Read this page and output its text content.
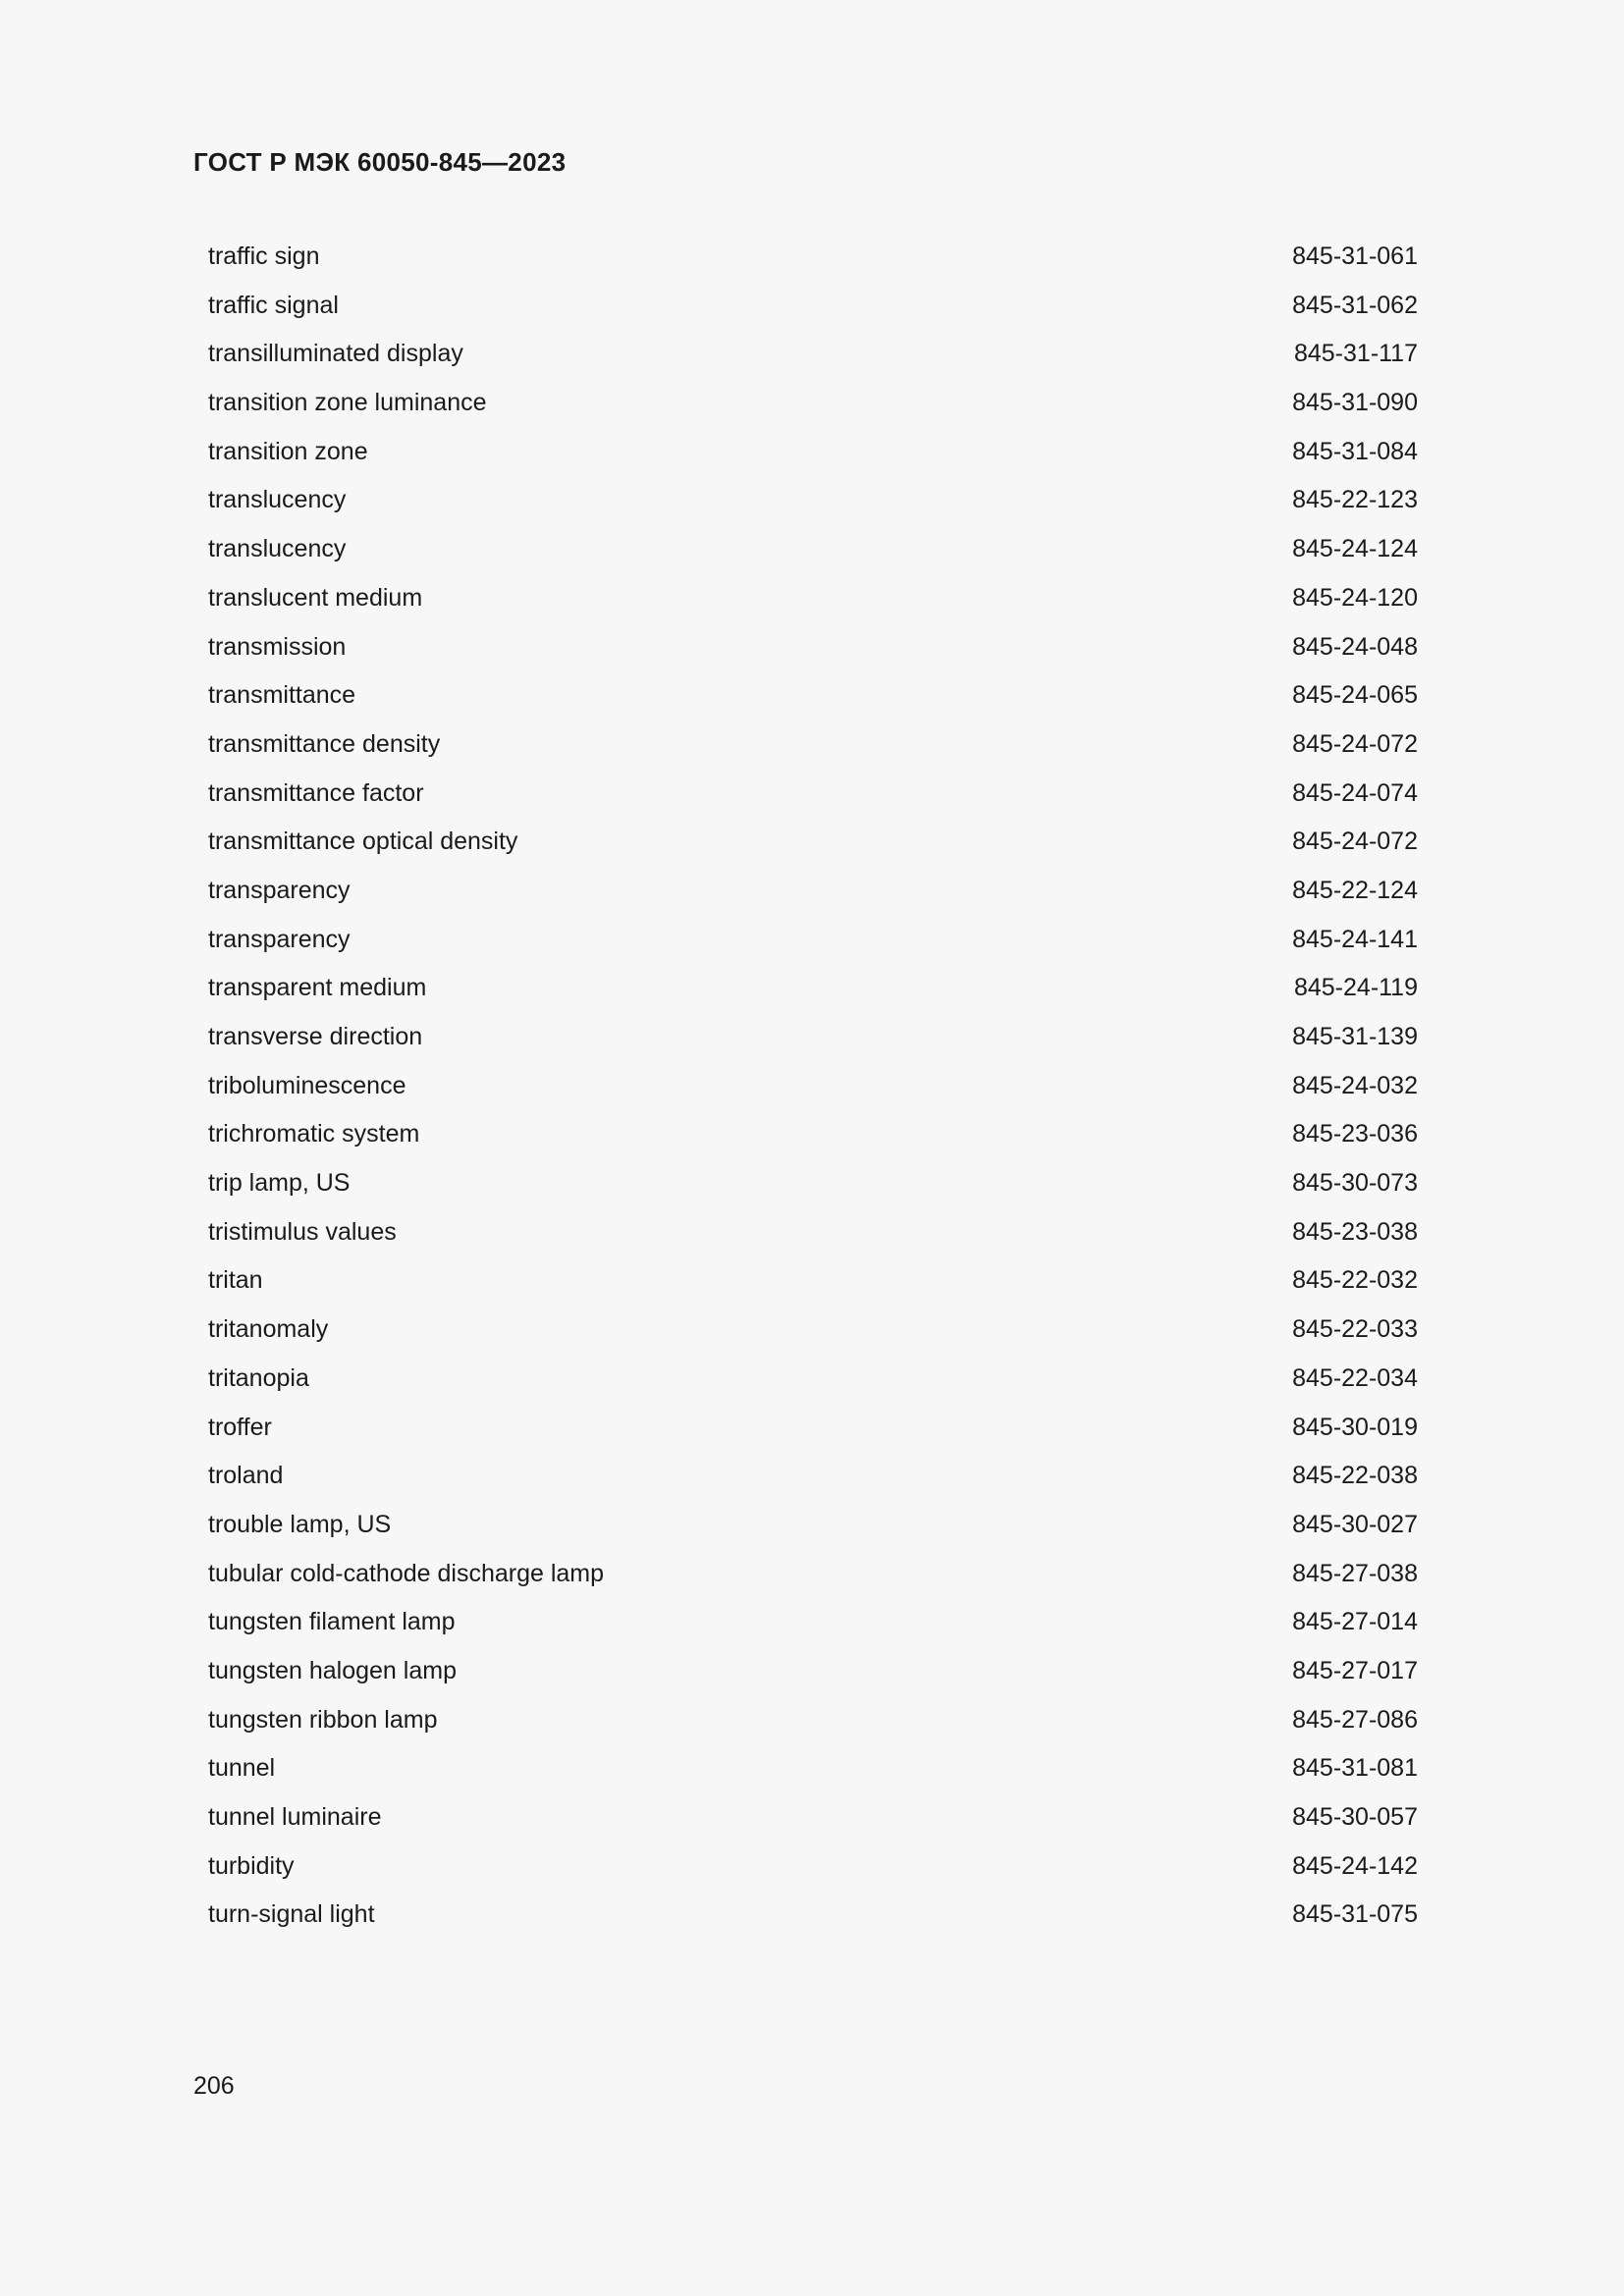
ГОСТ Р МЭК 60050-845—2023
traffic sign	845-31-061
traffic signal	845-31-062
transilluminated display	845-31-117
transition zone luminance	845-31-090
transition zone	845-31-084
translucency	845-22-123
translucency	845-24-124
translucent medium	845-24-120
transmission	845-24-048
transmittance	845-24-065
transmittance density	845-24-072
transmittance factor	845-24-074
transmittance optical density	845-24-072
transparency	845-22-124
transparency	845-24-141
transparent medium	845-24-119
transverse direction	845-31-139
triboluminescence	845-24-032
trichromatic system	845-23-036
trip lamp, US	845-30-073
tristimulus values	845-23-038
tritan	845-22-032
tritanomaly	845-22-033
tritanopia	845-22-034
troffer	845-30-019
troland	845-22-038
trouble lamp, US	845-30-027
tubular cold-cathode discharge lamp	845-27-038
tungsten filament lamp	845-27-014
tungsten halogen lamp	845-27-017
tungsten ribbon lamp	845-27-086
tunnel	845-31-081
tunnel luminaire	845-30-057
turbidity	845-24-142
turn-signal light	845-31-075
206
